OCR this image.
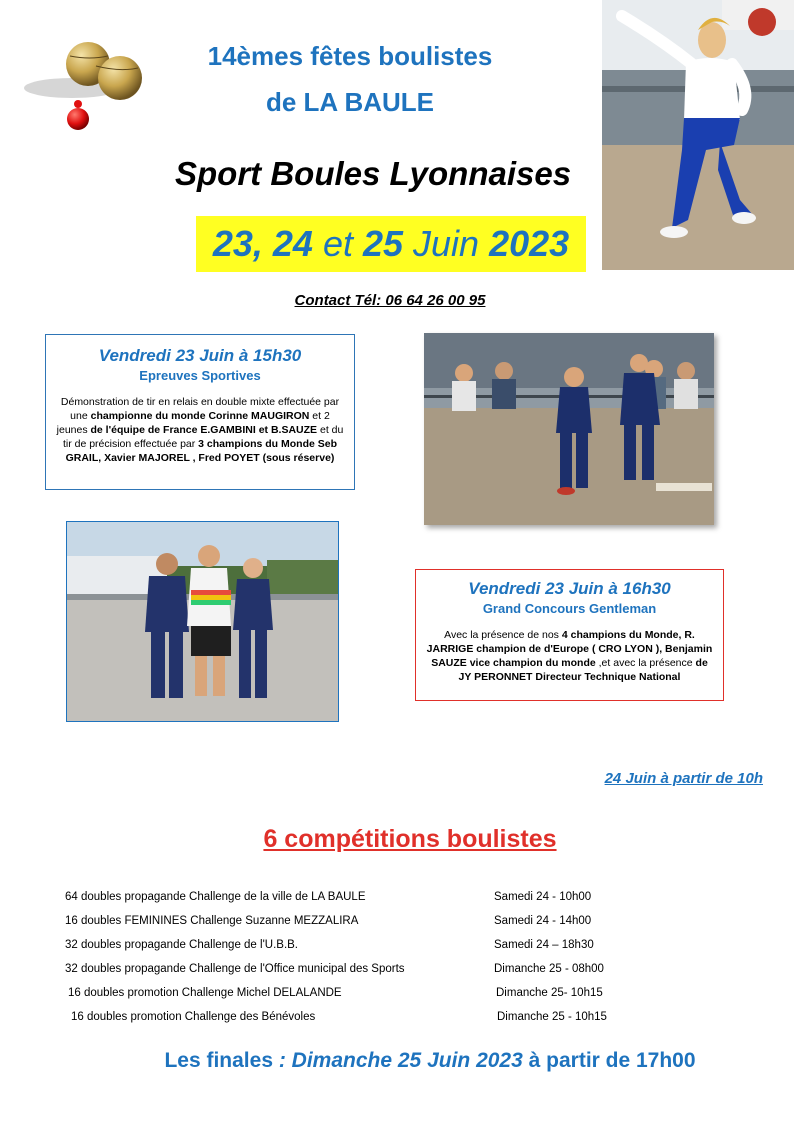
14èmes fêtes boulistes
de LA BAULE
Sport Boules Lyonnaises
23, 24 et 25 Juin 2023
Contact Tél: 06 64 26 00 95
Vendredi 23 Juin à 15h30
Epreuves Sportives
Démonstration de tir en relais en double mixte effectuée par une championne du monde Corinne MAUGIRON et 2 jeunes de l'équipe de France E.GAMBINI et B.SAUZE et du tir de précision effectuée par 3 champions du Monde Seb GRAIL, Xavier MAJOREL , Fred POYET (sous réserve)
Vendredi 23 Juin à 16h30
Grand Concours Gentleman
Avec la présence de nos 4 champions du Monde, R. JARRIGE champion de d'Europe ( CRO LYON ), Benjamin SAUZE vice champion du monde ,et avec la présence de JY PERONNET Directeur Technique National
24 Juin à partir de 10h
6 compétitions boulistes
64 doubles propagande Challenge de la ville de LA BAULE	Samedi 24 - 10h00
16 doubles FEMININES Challenge Suzanne MEZZALIRA	Samedi 24 - 14h00
32 doubles propagande Challenge de l'U.B.B.	Samedi 24 – 18h30
32 doubles propagande Challenge de l'Office municipal des Sports	Dimanche 25 - 08h00
16 doubles promotion Challenge Michel DELALANDE	Dimanche 25- 10h15
16 doubles promotion Challenge des Bénévoles	Dimanche 25 - 10h15
Les finales : Dimanche 25 Juin 2023 à partir de 17h00
